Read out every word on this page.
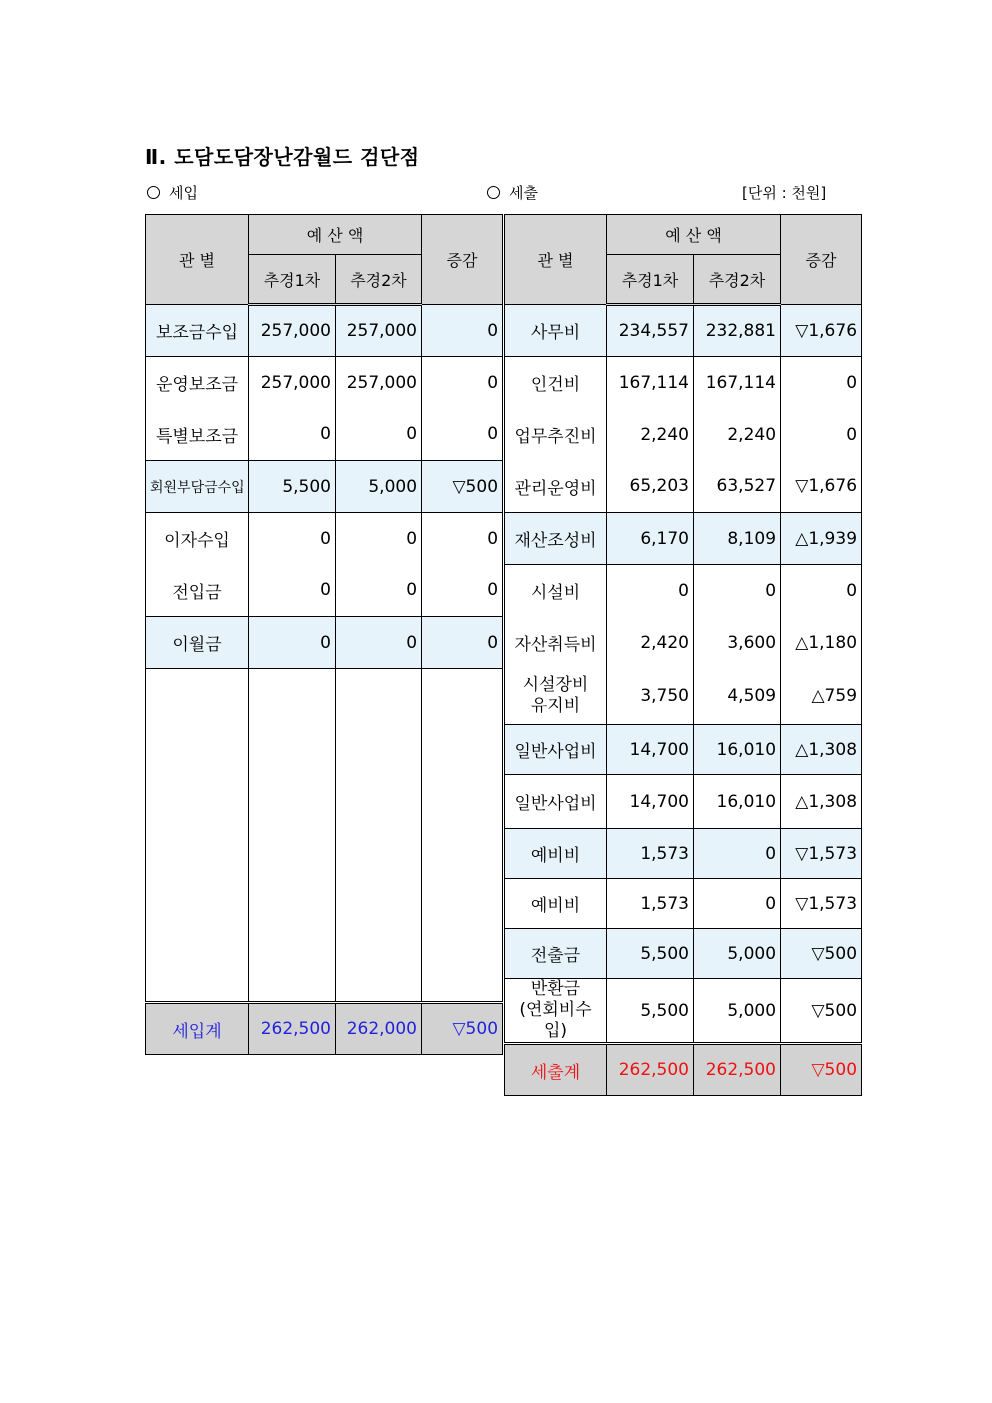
Ⅱ. 도담도담장난감월드 검단점
세입	세출	[단위 : 천원]
관 별	예 산 액		증감
	추경1차	추경2차	
보조금수입	257,000	257,000	0
운영보조금	257,000	257,000	0
특별보조금	0	0	0
회원부담금수입	5,500	5,000	▽500
이자수입	0	0	0
전입금	0	0	0
이월금	0	0	0

세입계	262,500	262,000	▽500
관 별	예 산 액		증감
	추경1차	추경2차	
사무비	234,557	232,881	▽1,676
인건비	167,114	167,114	0
업무추진비	2,240	2,240	0
관리운영비	65,203	63,527	▽1,676
재산조성비	6,170	8,109	△1,939
시설비	0	0	0
자산취득비	2,420	3,600	△1,180
시설장비
유지비	3,750	4,509	△759
일반사업비	14,700	16,010	△1,308
일반사업비	14,700	16,010	△1,308
예비비	1,573	0	▽1,573
예비비	1,573	0	▽1,573
전출금	5,500	5,000	▽500
반환금
(연회비수입)	5,500	5,000	▽500
세출계	262,500	262,500	▽500
